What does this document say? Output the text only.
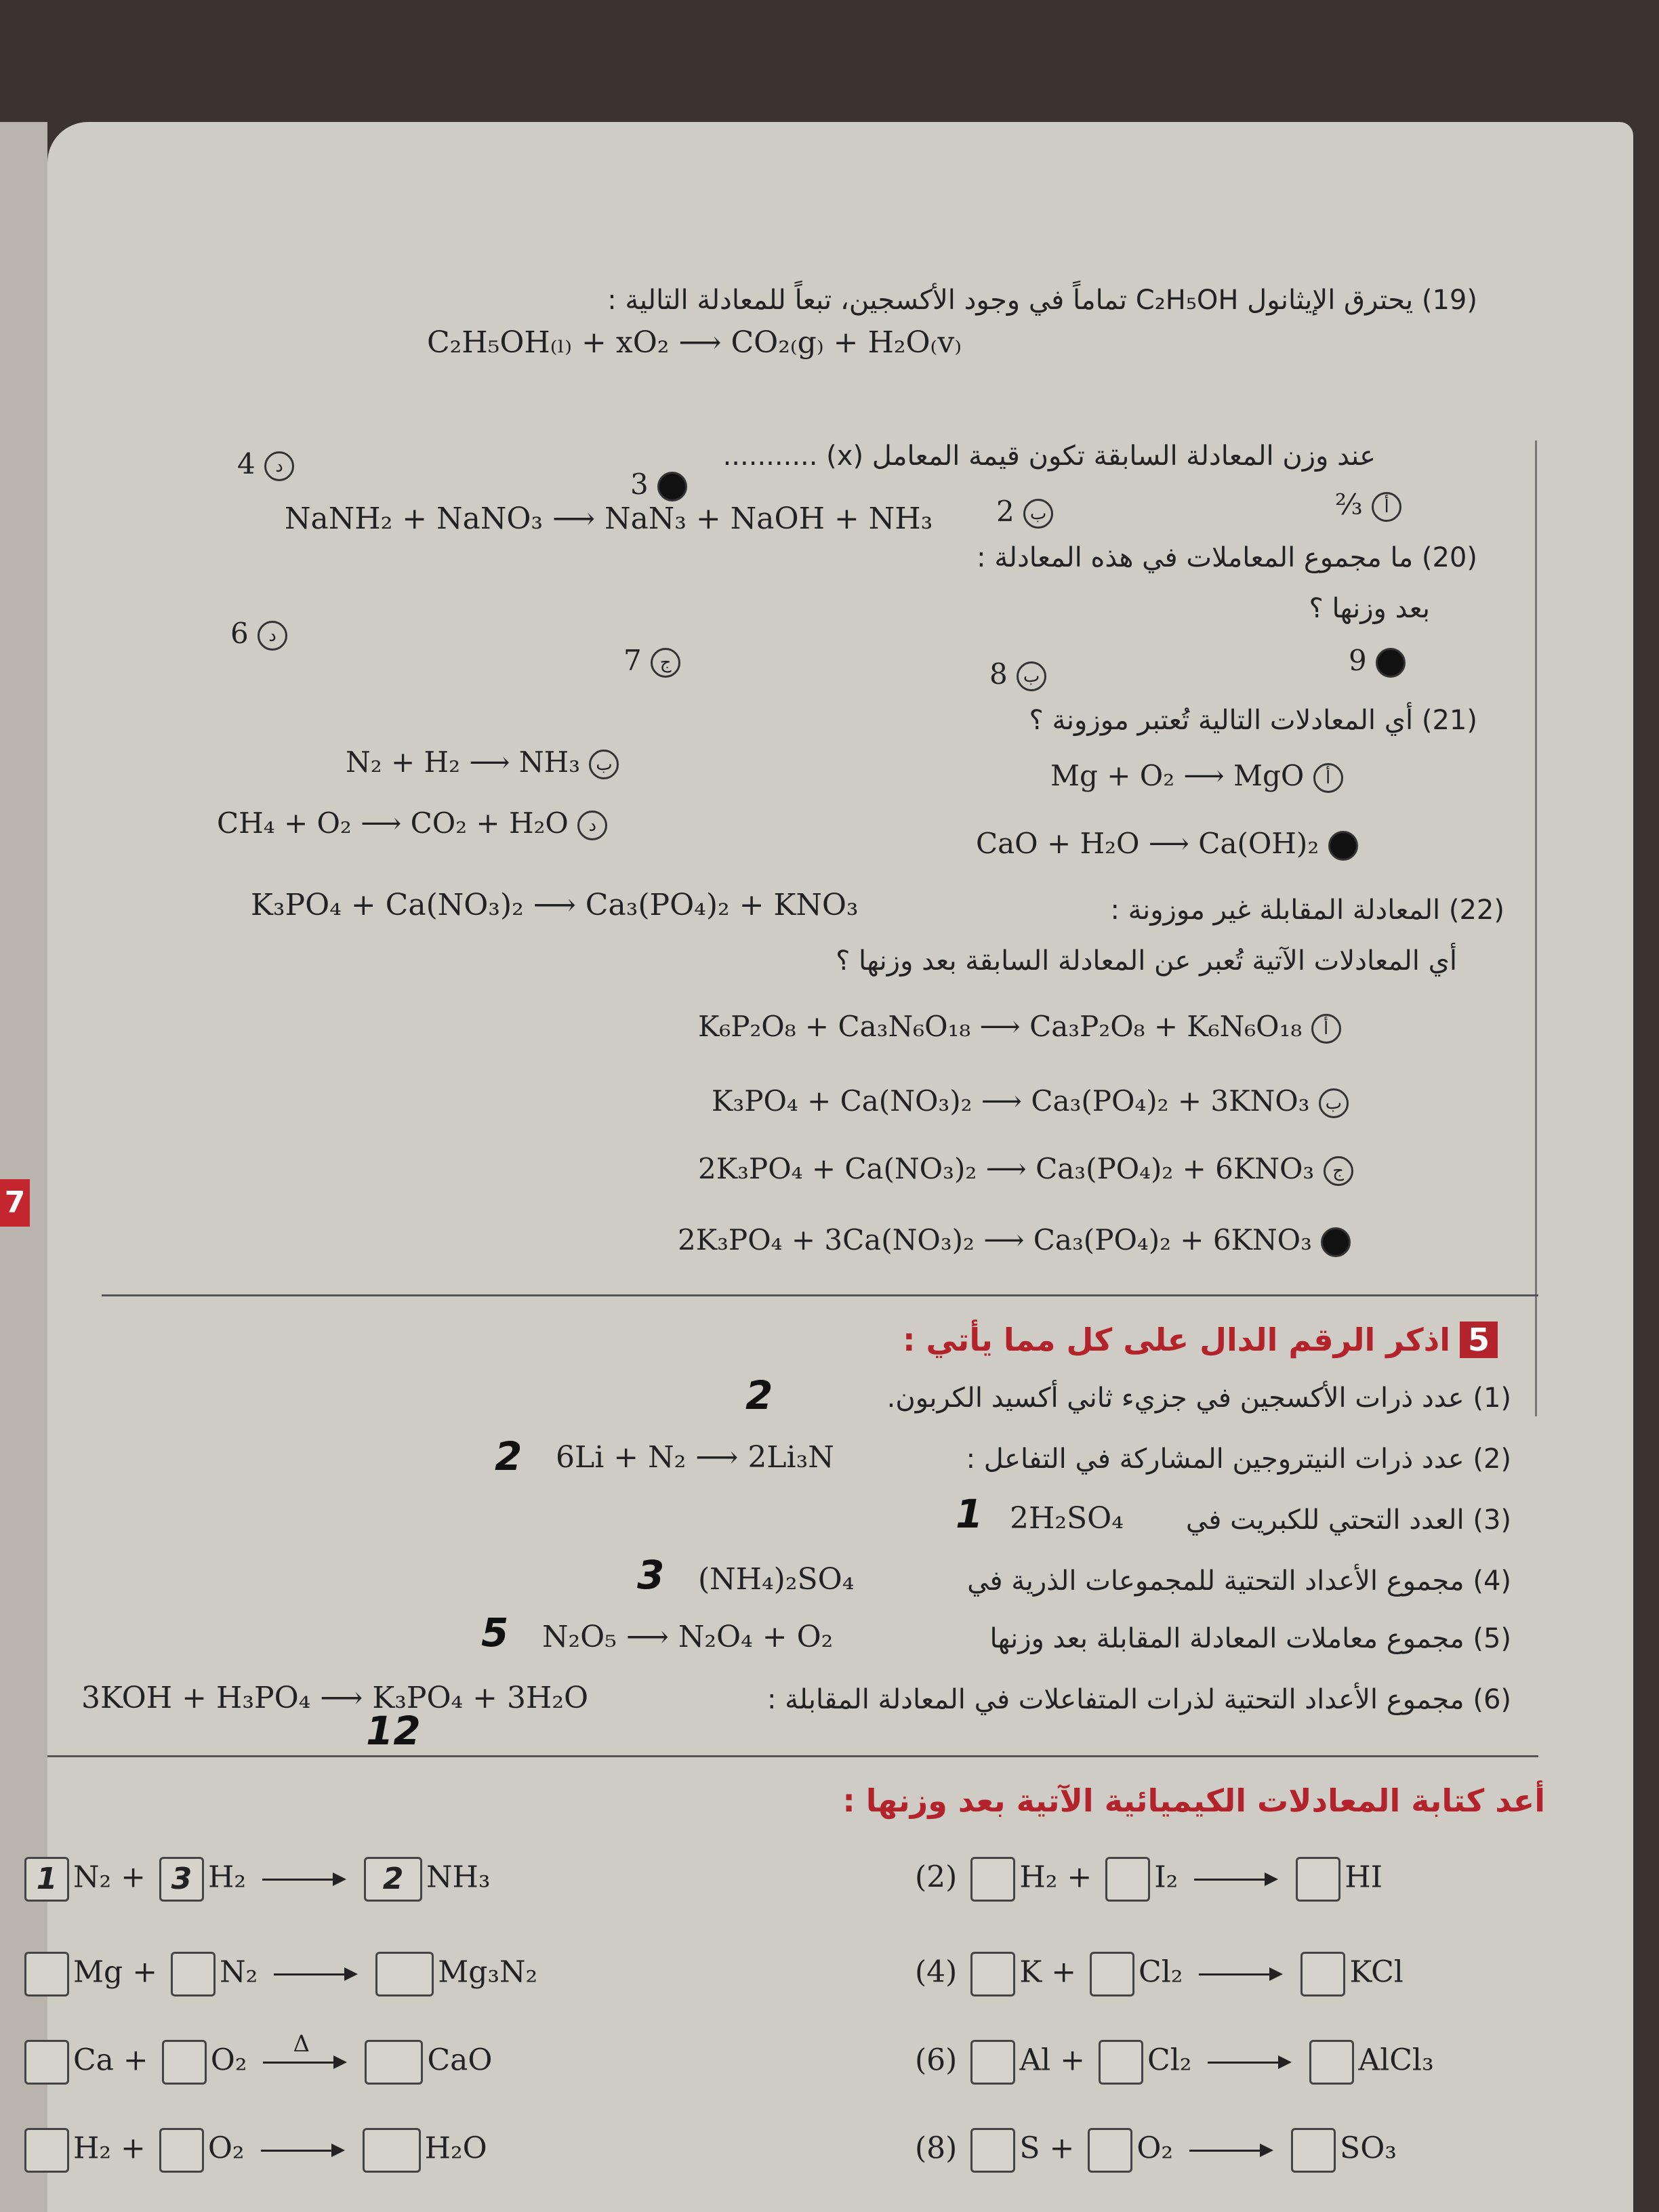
7
(19) يحترق الإيثانول C₂H₅OH تماماً في وجود الأكسجين، تبعاً للمعادلة التالية :
C₂H₅OH₍ₗ₎ + xO₂ ⟶ CO₂₍g₎ + H₂O₍v₎
عند وزن المعادلة السابقة تكون قيمة المعامل (x) ...........
⅔ أ
2 ب
3 ج
4 د
NaNH₂ + NaNO₃ ⟶ NaN₃ + NaOH + NH₃
(20) ما مجموع المعاملات في هذه المعادلة :
بعد وزنها ؟
9 أ
8 ب
7 ج
6 د
(21) أي المعادلات التالية تُعتبر موزونة ؟
Mg + O₂ ⟶ MgO أ
N₂ + H₂ ⟶ NH₃ ب
CaO + H₂O ⟶ Ca(OH)₂ ج
CH₄ + O₂ ⟶ CO₂ + H₂O د
K₃PO₄ + Ca(NO₃)₂ ⟶ Ca₃(PO₄)₂ + KNO₃	(22) المعادلة المقابلة غير موزونة :
أي المعادلات الآتية تُعبر عن المعادلة السابقة بعد وزنها ؟
K₆P₂O₈ + Ca₃N₆O₁₈ ⟶ Ca₃P₂O₈ + K₆N₆O₁₈ أ
K₃PO₄ + Ca(NO₃)₂ ⟶ Ca₃(PO₄)₂ + 3KNO₃ ب
2K₃PO₄ + Ca(NO₃)₂ ⟶ Ca₃(PO₄)₂ + 6KNO₃ ج
2K₃PO₄ + 3Ca(NO₃)₂ ⟶ Ca₃(PO₄)₂ + 6KNO₃ د
5اذكر الرقم الدال على كل مما يأتي :
(1) عدد ذرات الأكسجين في جزيء ثاني أكسيد الكربون.
2
(2) عدد ذرات النيتروجين المشاركة في التفاعل :
6Li + N₂ ⟶ 2Li₃N
2
(3) العدد التحتي للكبريت في
2H₂SO₄
1
(4) مجموع الأعداد التحتية للمجموعات الذرية في
(NH₄)₂SO₄
3
(5) مجموع معاملات المعادلة المقابلة بعد وزنها
N₂O₅ ⟶ N₂O₄ + O₂
5
(6) مجموع الأعداد التحتية لذرات المتفاعلات في المعادلة المقابلة :
3KOH + H₃PO₄ ⟶ K₃PO₄ + 3H₂O
12
أعد كتابة المعادلات الكيميائية الآتية بعد وزنها :
(2) H₂ + I₂ → HI
(4) K + Cl₂ → KCl
(6) Al + Cl₂ → AlCl₃
(8) S + O₂ → SO₃
1 N₂ + 3 H₂ → 2 NH₃
Mg + N₂ →	Mg₃N₂
Ca + O₂ Δ	CaO
H₂ + O₂ →	H₂O
